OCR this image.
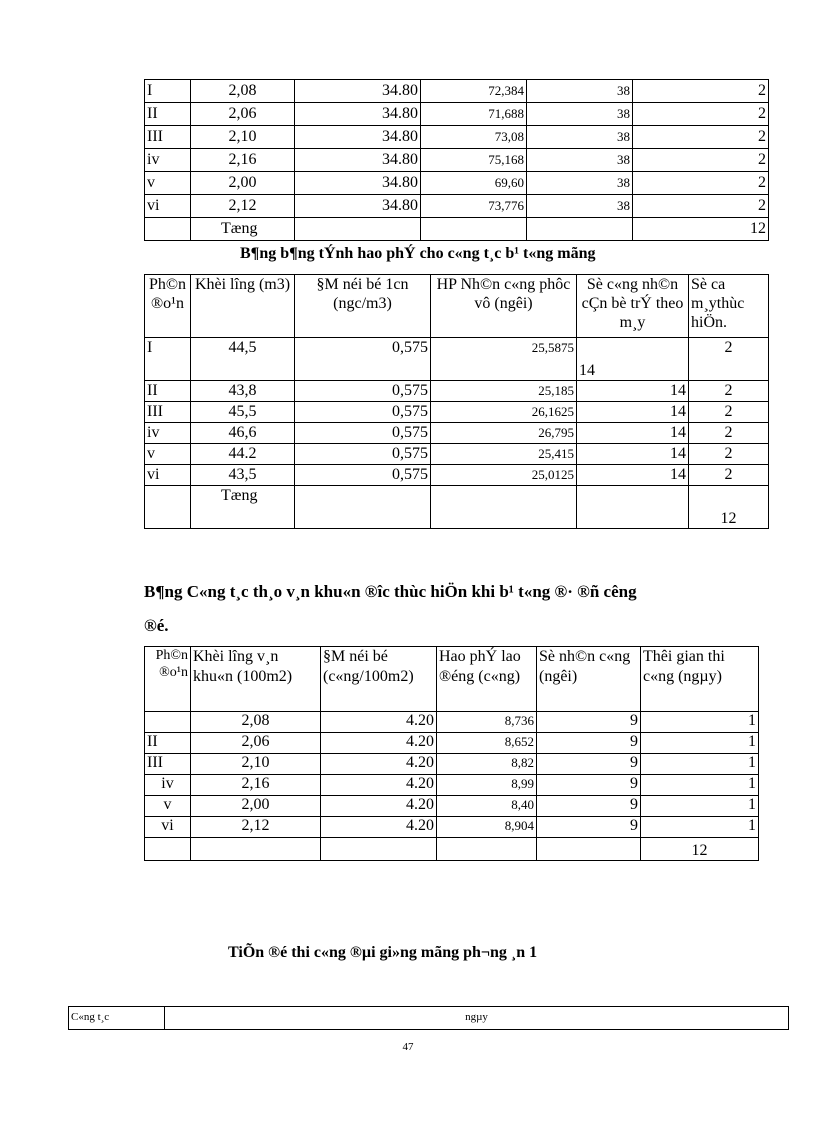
I	2,08	34.80	72,384	38	2
II	2,06	34.80	71,688	38	2
III	2,10	34.80	73,08	38	2
iv	2,16	34.80	75,168	38	2
v	2,00	34.80	69,60	38	2
vi	2,12	34.80	73,776	38	2
	Tæng				12
B¶ng b¶ng tÝnh hao phÝ cho c«ng t¸c b¹ t«ng mãng
Ph©n ®o¹n	Khèi lîng (m3)	§M néi bé 1cn (ngc/m3)	HP Nh©n c«ng phôc vô (ngêi)	Sè c«ng nh©n cÇn bè trÝ theo m¸y	Sè ca m¸ythùc hiÖn.
I	44,5	0,575	25,5875	14	2
II	43,8	0,575	25,185	14	2
III	45,5	0,575	26,1625	14	2
iv	46,6	0,575	26,795	14	2
v	44.2	0,575	25,415	14	2
vi	43,5	0,575	25,0125	14	2
	Tæng				12
B¶ng C«ng t¸c th¸o v¸n khu«n ®îc thùc hiÖn khi b¹ t«ng ®· ®ñ cêng
®é.
Ph©n ®o¹n	Khèi lîng v¸n khu«n (100m2)	§M néi bé (c«ng/100m2)	Hao phÝ lao ®éng (c«ng)	Sè nh©n c«ng (ngêi)	Thêi gian thi c«ng (ngµy)
	2,08	4.20	8,736	9	1
II	2,06	4.20	8,652	9	1
III	2,10	4.20	8,82	9	1
iv	2,16	4.20	8,99	9	1
v	2,00	4.20	8,40	9	1
vi	2,12	4.20	8,904	9	1
					12
TiÕn ®é thi c«ng ®µi gi»ng mãng ph¬ng ¸n 1
C«ng t¸c	ngµy
47
